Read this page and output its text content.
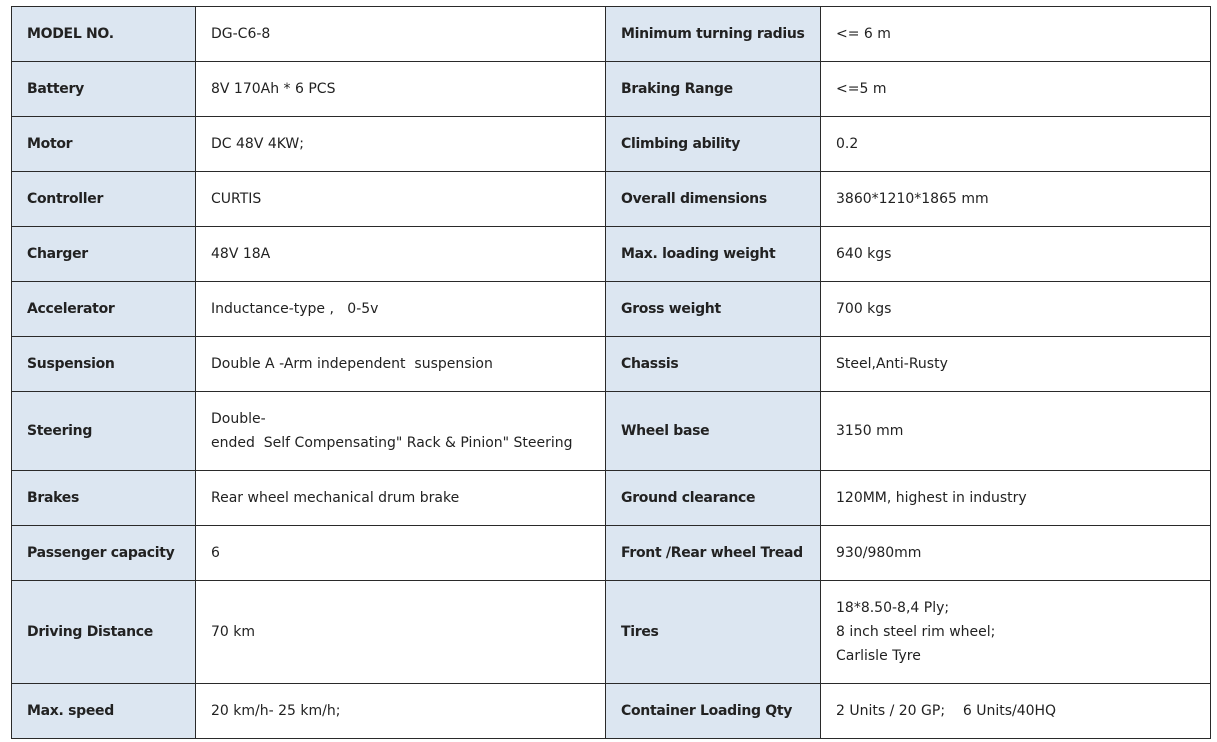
MODEL NO.	DG-C6-8	Minimum turning radius	<= 6 m

Battery	8V 170Ah * 6 PCS	Braking Range	<=5 m

Motor	DC 48V 4KW;	Climbing ability	0.2

Controller	CURTIS	Overall dimensions	3860*1210*1865 mm

Charger	48V 18A	Max. loading weight	640 kgs

Accelerator	Inductance-type ,   0-5v	Gross weight	700 kgs

Suspension	Double A -Arm independent  suspension	Chassis	Steel,Anti-Rusty

Steering	Double-
ended  Self Compensating" Rack & Pinion" Steering	Wheel base	3150 mm

Brakes	Rear wheel mechanical drum brake	Ground clearance	120MM, highest in industry

Passenger capacity	6	Front /Rear wheel Tread	930/980mm

Driving Distance	70 km	Tires	18*8.50-8,4 Ply;
8 inch steel rim wheel;
Carlisle Tyre

Max. speed	20 km/h- 25 km/h;	Container Loading Qty	2 Units / 20 GP;    6 Units/40HQ
